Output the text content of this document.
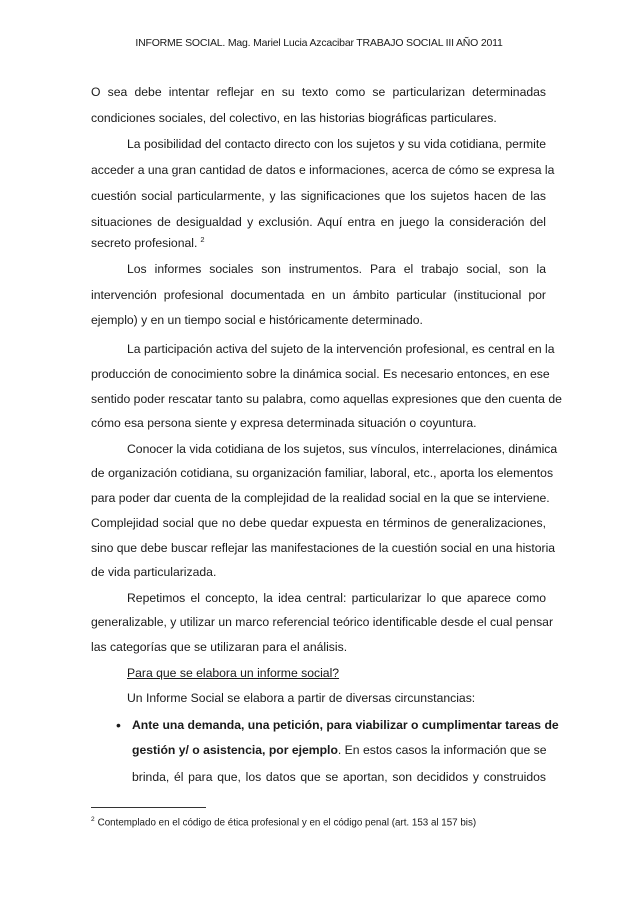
INFORME SOCIAL. Mag. Mariel Lucia Azcacibar TRABAJO SOCIAL III AÑO 2011
O sea debe intentar reflejar en su texto como se particularizan determinadas
condiciones sociales, del colectivo, en las historias biográficas particulares.
La posibilidad del contacto directo con los sujetos y su vida cotidiana, permite
acceder a una gran cantidad de datos e informaciones, acerca de cómo se expresa la
cuestión social particularmente, y las significaciones que los sujetos hacen de las
situaciones de desigualdad y exclusión. Aquí entra en juego la consideración del
secreto profesional. $^2$
Los informes sociales son instrumentos. Para el trabajo social, son la
intervención profesional documentada en un ámbito particular (institucional por
ejemplo) y en un tiempo social e históricamente determinado.
La participación activa del sujeto de la intervención profesional, es central en la
producción de conocimiento sobre la dinámica social. Es necesario entonces, en ese
sentido poder rescatar tanto su palabra, como aquellas expresiones que den cuenta de
cómo esa persona siente y expresa determinada situación o coyuntura.
Conocer la vida cotidiana de los sujetos, sus vínculos, interrelaciones, dinámica
de organización cotidiana, su organización familiar, laboral, etc., aporta los elementos
para poder dar cuenta de la complejidad de la realidad social en la que se interviene.
Complejidad social que no debe quedar expuesta en términos de generalizaciones,
sino que debe buscar reflejar las manifestaciones de la cuestión social en una historia
de vida particularizada.
Repetimos el concepto, la idea central: particularizar lo que aparece como
generalizable, y utilizar un marco referencial teórico identificable desde el cual pensar
las categorías que se utilizaran para el análisis.
Para que se elabora un informe social?
Un Informe Social se elabora a partir de diversas circunstancias:
• Ante una demanda, una petición, para viabilizar o cumplimentar tareas de
gestión y/ o asistencia, por ejemplo. En estos casos la información que se
brinda, él para que, los datos que se aportan, son decididos y construidos
$^2$ Contemplado en el código de ética profesional y en el código penal (art. 153 al 157 bis)
